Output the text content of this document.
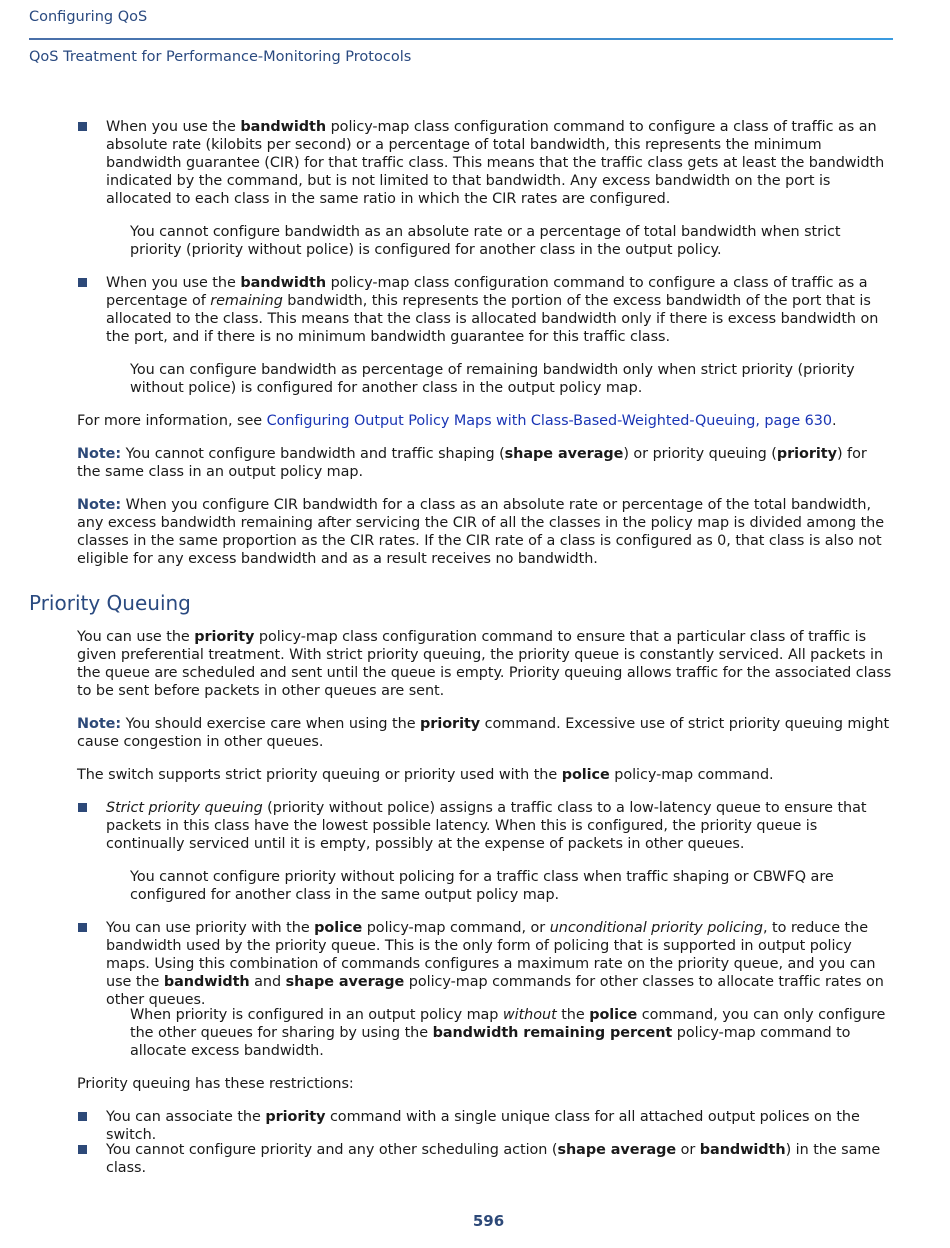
Configuring QoS
QoS Treatment for Performance-Monitoring Protocols

When you use the bandwidth policy-map class configuration command to configure a class of traffic as an absolute rate (kilobits per second) or a percentage of total bandwidth, this represents the minimum bandwidth guarantee (CIR) for that traffic class. This means that the traffic class gets at least the bandwidth indicated by the command, but is not limited to that bandwidth. Any excess bandwidth on the port is allocated to each class in the same ratio in which the CIR rates are configured.

You cannot configure bandwidth as an absolute rate or a percentage of total bandwidth when strict priority (priority without police) is configured for another class in the output policy.

When you use the bandwidth policy-map class configuration command to configure a class of traffic as a percentage of remaining bandwidth, this represents the portion of the excess bandwidth of the port that is allocated to the class. This means that the class is allocated bandwidth only if there is excess bandwidth on the port, and if there is no minimum bandwidth guarantee for this traffic class.

You can configure bandwidth as percentage of remaining bandwidth only when strict priority (priority without police) is configured for another class in the output policy map.

For more information, see Configuring Output Policy Maps with Class-Based-Weighted-Queuing, page 630.

Note: You cannot configure bandwidth and traffic shaping (shape average) or priority queuing (priority) for the same class in an output policy map.

Note: When you configure CIR bandwidth for a class as an absolute rate or percentage of the total bandwidth, any excess bandwidth remaining after servicing the CIR of all the classes in the policy map is divided among the classes in the same proportion as the CIR rates. If the CIR rate of a class is configured as 0, that class is also not eligible for any excess bandwidth and as a result receives no bandwidth.

Priority Queuing

You can use the priority policy-map class configuration command to ensure that a particular class of traffic is given preferential treatment. With strict priority queuing, the priority queue is constantly serviced. All packets in the queue are scheduled and sent until the queue is empty. Priority queuing allows traffic for the associated class to be sent before packets in other queues are sent.

Note: You should exercise care when using the priority command. Excessive use of strict priority queuing might cause congestion in other queues.

The switch supports strict priority queuing or priority used with the police policy-map command.

Strict priority queuing (priority without police) assigns a traffic class to a low-latency queue to ensure that packets in this class have the lowest possible latency. When this is configured, the priority queue is continually serviced until it is empty, possibly at the expense of packets in other queues.

You cannot configure priority without policing for a traffic class when traffic shaping or CBWFQ are configured for another class in the same output policy map.

You can use priority with the police policy-map command, or unconditional priority policing, to reduce the bandwidth used by the priority queue. This is the only form of policing that is supported in output policy maps. Using this combination of commands configures a maximum rate on the priority queue, and you can use the bandwidth and shape average policy-map commands for other classes to allocate traffic rates on other queues.

When priority is configured in an output policy map without the police command, you can only configure the other queues for sharing by using the bandwidth remaining percent policy-map command to allocate excess bandwidth.

Priority queuing has these restrictions:

You can associate the priority command with a single unique class for all attached output polices on the switch.

You cannot configure priority and any other scheduling action (shape average or bandwidth) in the same class.

596
